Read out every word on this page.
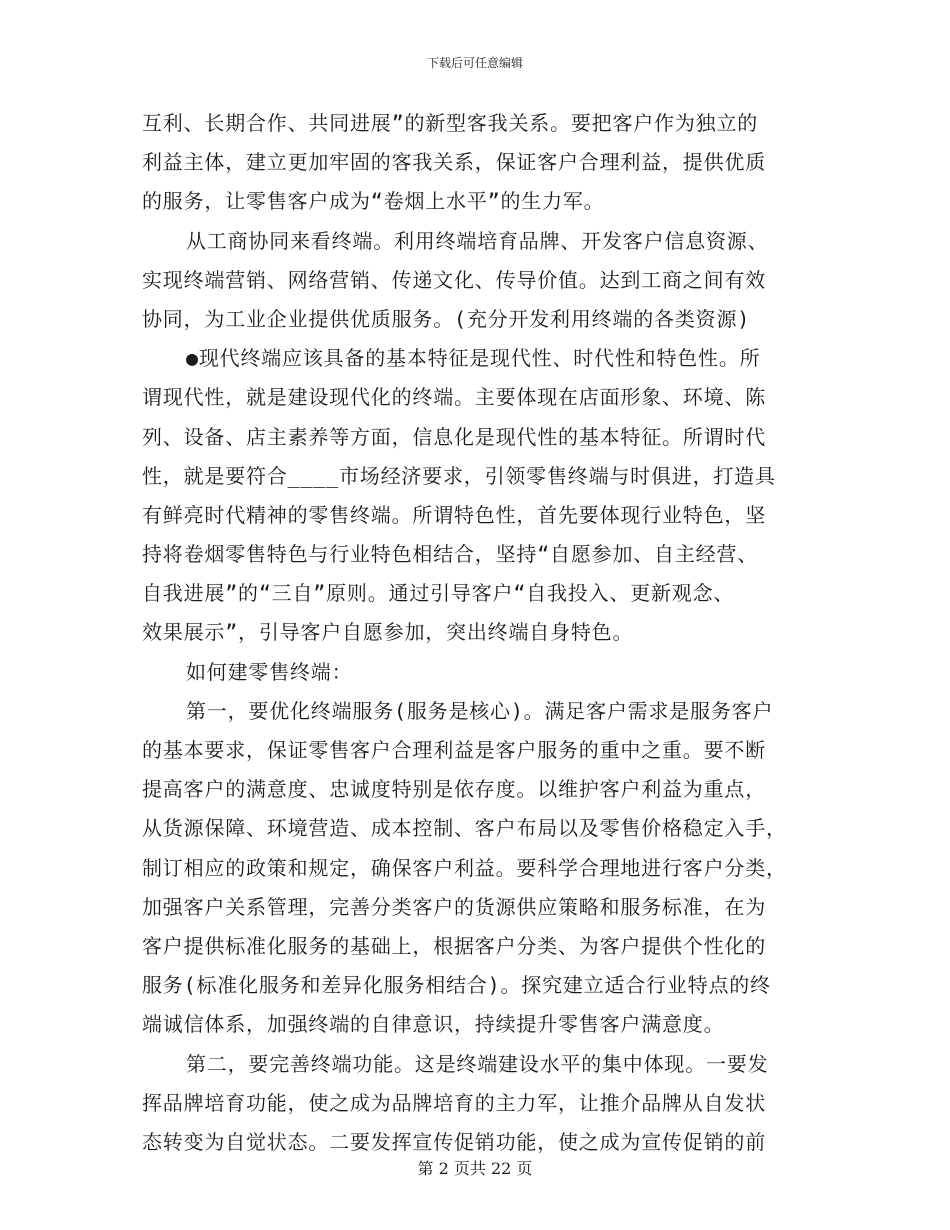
下载后可任意编辑
互利、长期合作、共同进展”的新型客我关系。要把客户作为独立的
利益主体，建立更加牢固的客我关系，保证客户合理利益，提供优质
的服务，让零售客户成为“卷烟上水平”的生力军。
从工商协同来看终端。利用终端培育品牌、开发客户信息资源、
实现终端营销、网络营销、传递文化、传导价值。达到工商之间有效
协同，为工业企业提供优质服务。(充分开发利用终端的各类资源)
●现代终端应该具备的基本特征是现代性、时代性和特色性。所
谓现代性，就是建设现代化的终端。主要体现在店面形象、环境、陈
列、设备、店主素养等方面，信息化是现代性的基本特征。所谓时代
性，就是要符合____市场经济要求，引领零售终端与时俱进，打造具
有鲜亮时代精神的零售终端。所谓特色性，首先要体现行业特色，坚
持将卷烟零售特色与行业特色相结合，坚持“自愿参加、自主经营、
自我进展”的“三自”原则。通过引导客户“自我投入、更新观念、
效果展示”，引导客户自愿参加，突出终端自身特色。
如何建零售终端：
第一，要优化终端服务(服务是核心)。满足客户需求是服务客户
的基本要求，保证零售客户合理利益是客户服务的重中之重。要不断
提高客户的满意度、忠诚度特别是依存度。以维护客户利益为重点，
从货源保障、环境营造、成本控制、客户布局以及零售价格稳定入手，
制订相应的政策和规定，确保客户利益。要科学合理地进行客户分类，
加强客户关系管理，完善分类客户的货源供应策略和服务标准，在为
客户提供标准化服务的基础上，根据客户分类、为客户提供个性化的
服务(标准化服务和差异化服务相结合)。探究建立适合行业特点的终
端诚信体系，加强终端的自律意识，持续提升零售客户满意度。
第二，要完善终端功能。这是终端建设水平的集中体现。一要发
挥品牌培育功能，使之成为品牌培育的主力军，让推介品牌从自发状
态转变为自觉状态。二要发挥宣传促销功能，使之成为宣传促销的前
第 2 页共 22 页
